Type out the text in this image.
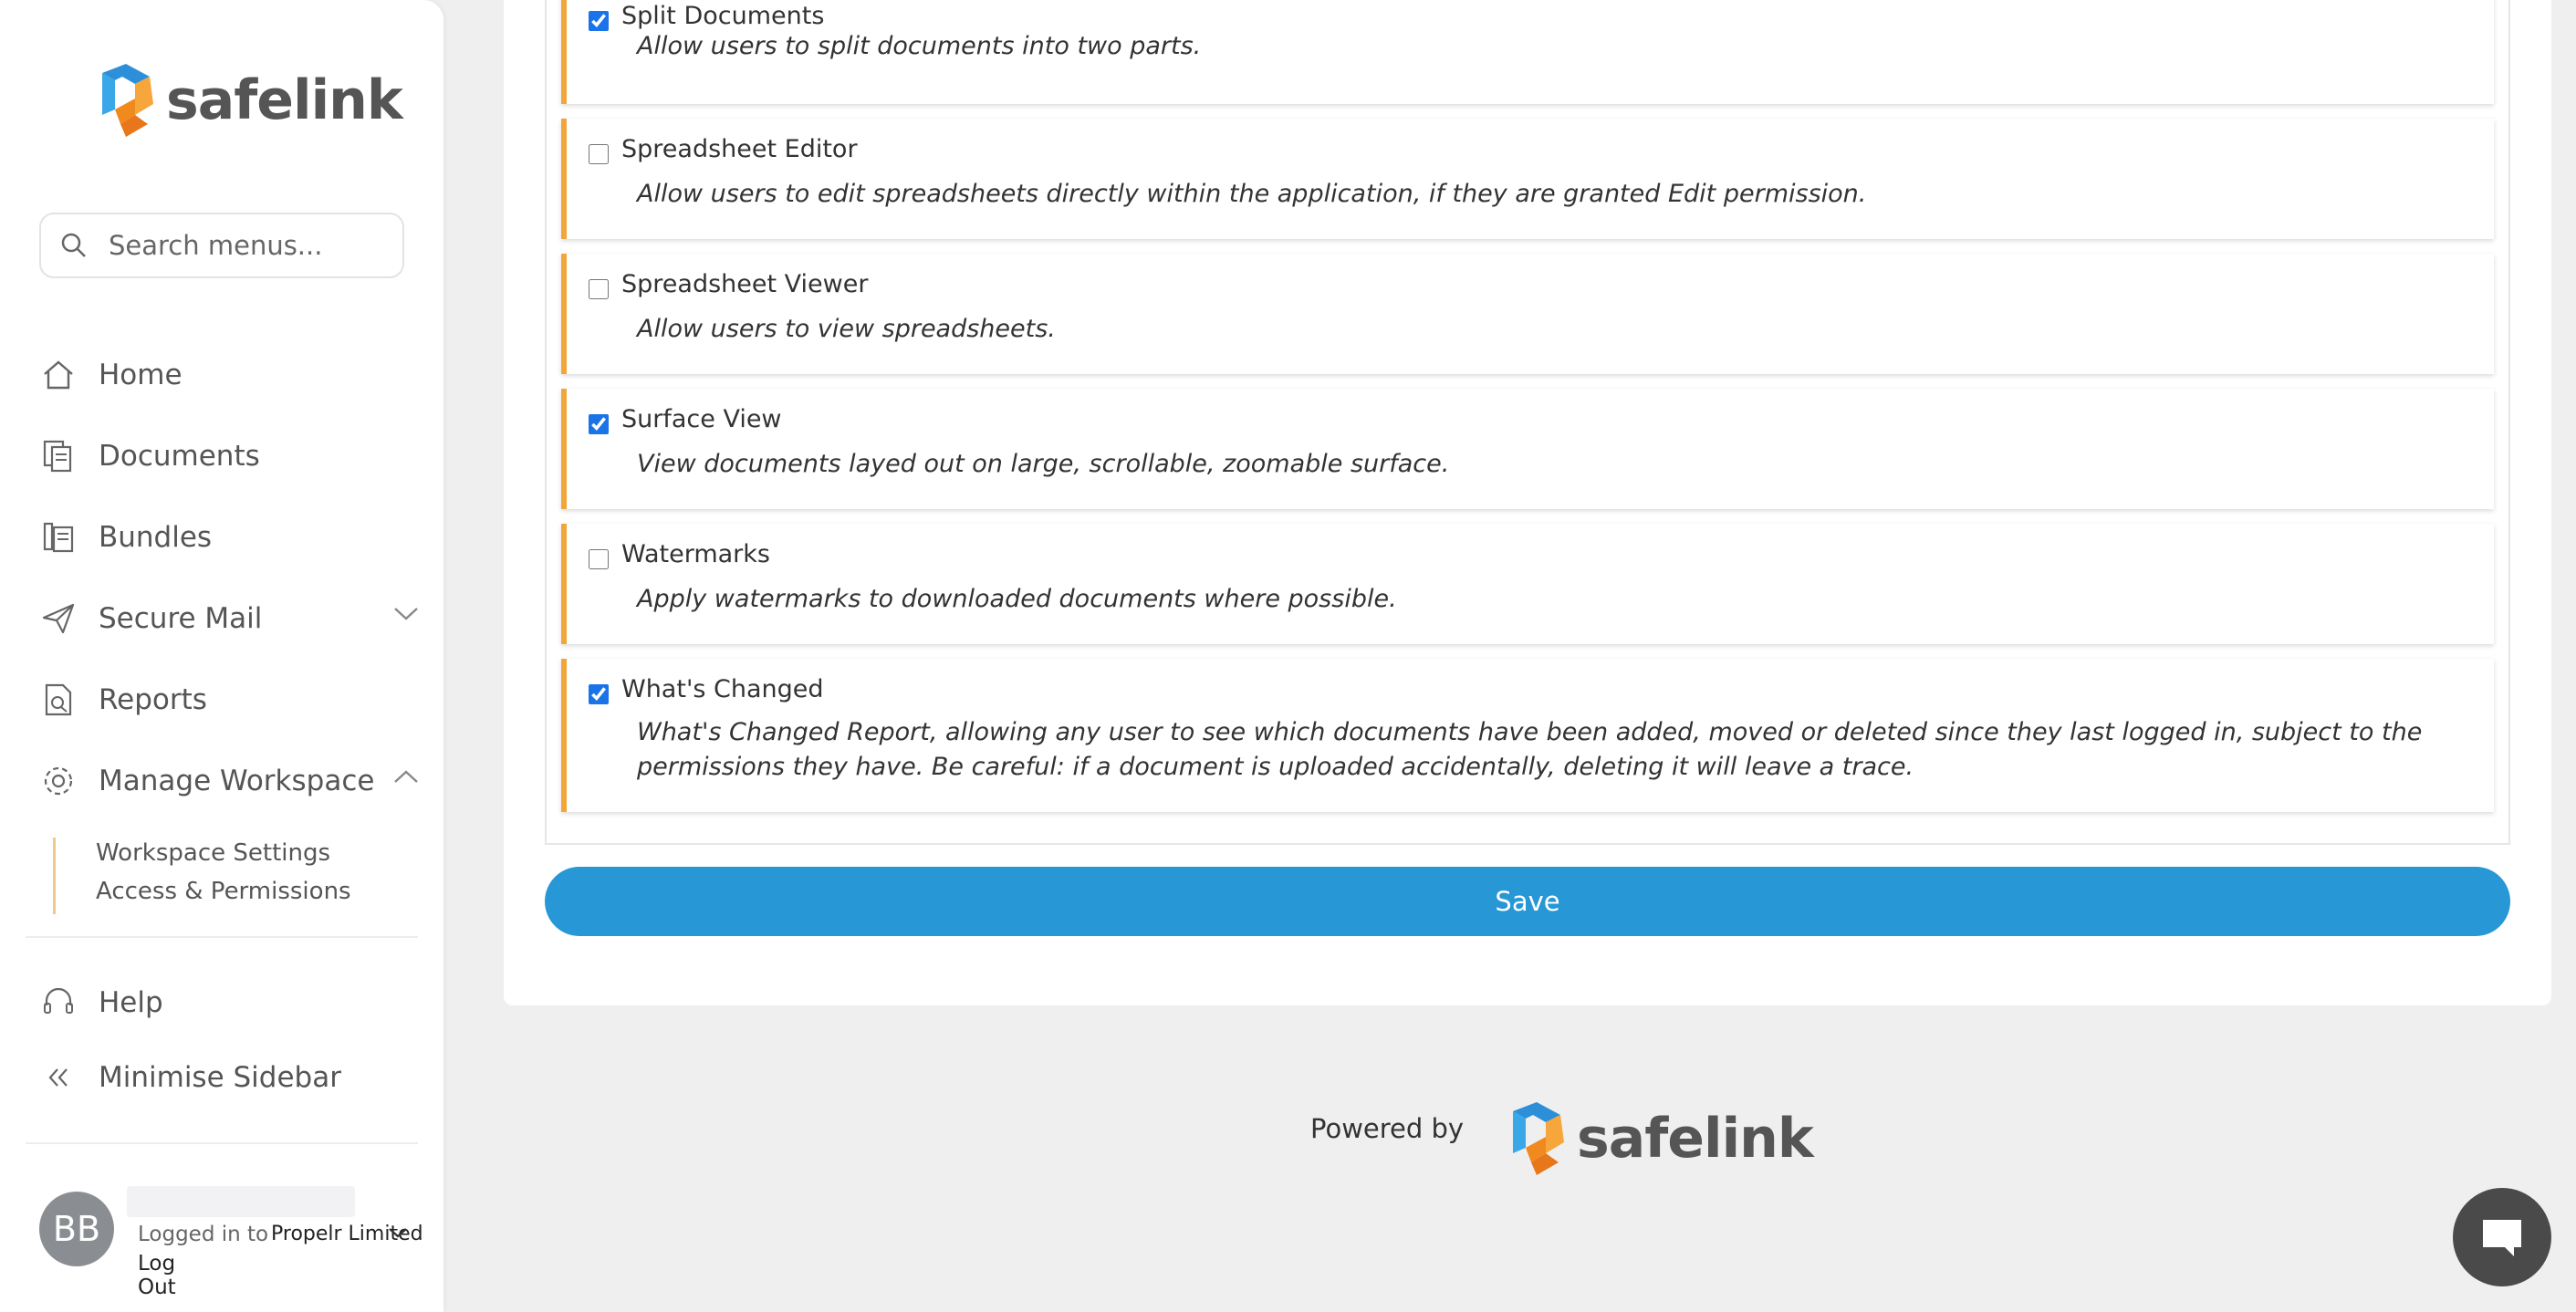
safelink
Search menus...
Home
Documents
Bundles
Secure Mail
Reports
Manage Workspace
Workspace Settings
Access & Permissions
Help
Minimise Sidebar
BB	Logged in to Propelr Limited
Log Out
Split Documents
Allow users to split documents into two parts.
Spreadsheet Editor
Allow users to edit spreadsheets directly within the application, if they are granted Edit permission.
Spreadsheet Viewer
Allow users to view spreadsheets.
Surface View
View documents layed out on large, scrollable, zoomable surface.
Watermarks
Apply watermarks to downloaded documents where possible.
What's Changed
What's Changed Report, allowing any user to see which documents have been added, moved or deleted since they last logged in, subject to the permissions they have. Be careful: if a document is uploaded accidentally, deleting it will leave a trace.
Save
Powered by safelink
